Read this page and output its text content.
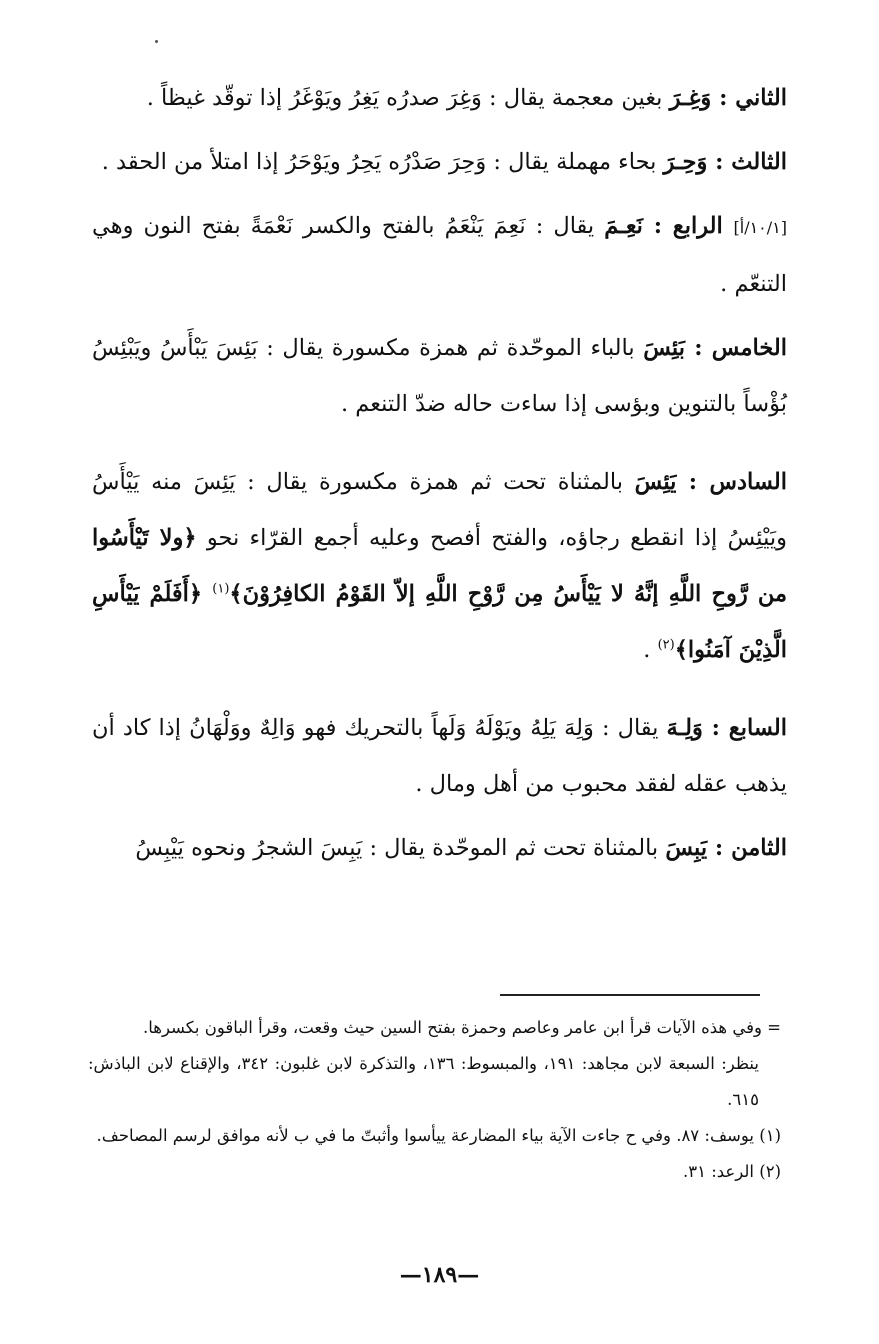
الثاني : وَغِـرَ بغين معجمة يقال : وَغِرَ صدرُه يَغِرُ ويَوْغَرُ إذا توقّد غيظاً .

الثالث : وَحِـرَ بحاء مهملة يقال : وَحِرَ صَدْرُه يَحِرُ ويَوْحَرُ إذا امتلأ من الحقد .

[١٠/١/أ] الرابع : نَعِـمَ يقال : نَعِمَ يَنْعَمُ بالفتح والكسر نَعْمَةً بفتح النون وهي التنعّم .

الخامس : بَئِسَ بالباء الموحّدة ثم همزة مكسورة يقال : بَئِسَ يَبْأَسُ ويَبْئِسُ بُؤْساً بالتنوين وبؤسى إذا ساءت حاله ضدّ التنعم .

السادس : يَئِسَ بالمثناة تحت ثم همزة مكسورة يقال : يَئِسَ منه يَيْأَسُ ويَيْئِسُ إذا انقطع رجاؤه، والفتح أفصح وعليه أجمع القرّاء نحو ﴿ولا تَيْأَسُوا من رَّوحِ اللَّهِ إنَّهُ لا يَيْأَسُ مِن رَّوْحِ اللَّهِ إلاّ القَوْمُ الكافِرُوْنَ﴾$^{(١)}$ ﴿أَفَلَمْ يَيْأَسِ الَّذِيْنَ آمَنُوا﴾$^{(٢)}$ .

السابع : وَلِـهَ يقال : وَلِهَ يَلِهُ ويَوْلَهُ وَلَهاً بالتحريك فهو وَالِهٌ ووَلْهَانُ إذا كاد أن يذهب عقله لفقد محبوب من أهل ومال .

الثامن : يَبِسَ بالمثناة تحت ثم الموحّدة يقال : يَبِسَ الشجرُ ونحوه يَيْبِسُ

= وفي هذه الآيات قرأ ابن عامر وعاصم وحمزة بفتح السين حيث وقعت، وقرأ الباقون بكسرها.

ينظر: السبعة لابن مجاهد: ١٩١، والمبسوط: ١٣٦، والتذكرة لابن غلبون: ٣٤٢، والإقناع لابن الباذش: ٦١٥.

(١) يوسف: ٨٧. وفي ح جاءت الآية بياء المضارعة ييأسوا وأثبتّ ما في ب لأنه موافق لرسم المصاحف.

(٢) الرعد: ٣١.

—١٨٩—
